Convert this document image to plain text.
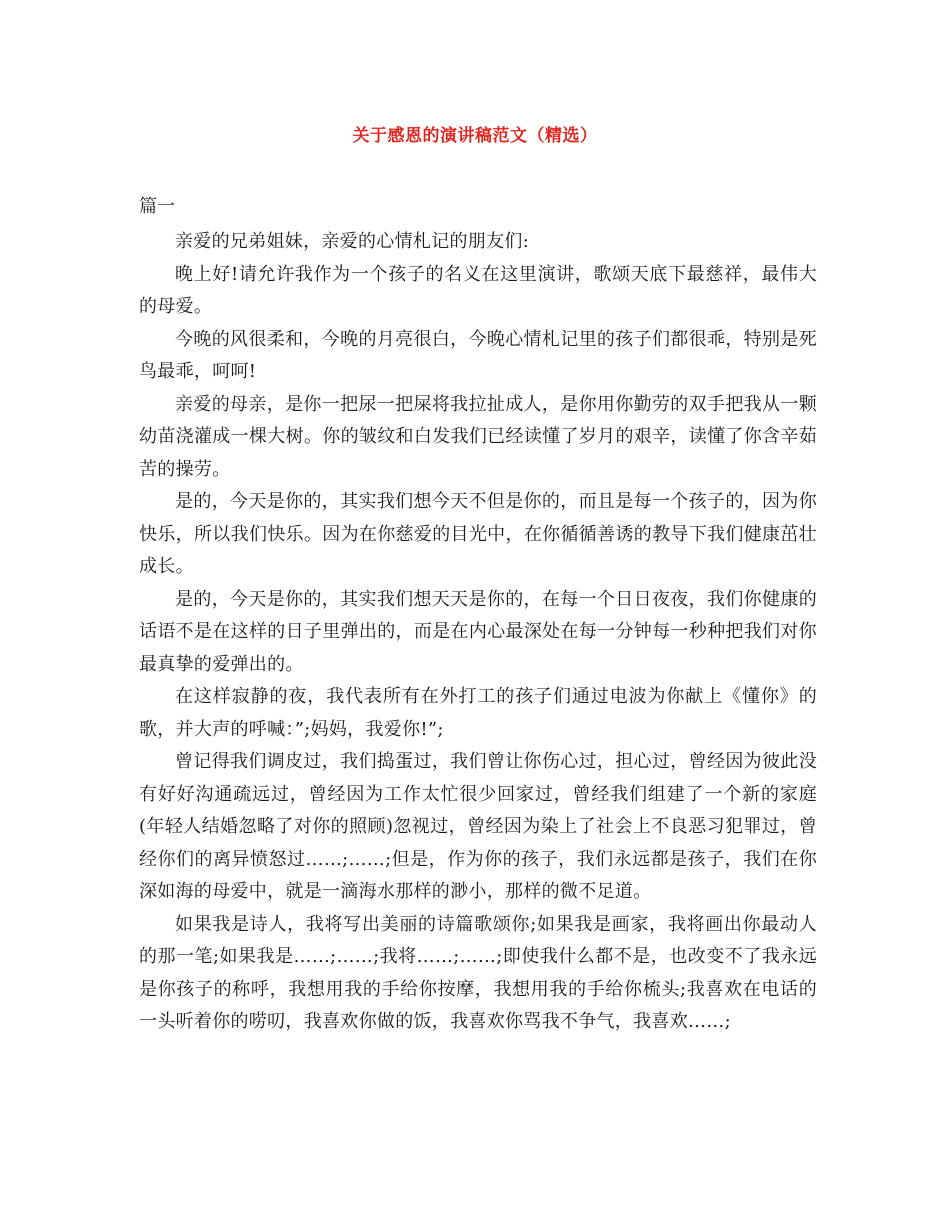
关于感恩的演讲稿范文（精选）
篇一

亲爱的兄弟姐妹，亲爱的心情札记的朋友们:

晚上好!请允许我作为一个孩子的名义在这里演讲，歌颂天底下最慈祥，最伟大的母爱。

今晚的风很柔和，今晚的月亮很白，今晚心情札记里的孩子们都很乖，特别是死鸟最乖，呵呵!

亲爱的母亲，是你一把尿一把屎将我拉扯成人，是你用你勤劳的双手把我从一颗幼苗浇灌成一棵大树。你的皱纹和白发我们已经读懂了岁月的艰辛，读懂了你含辛茹苦的操劳。

是的，今天是你的，其实我们想今天不但是你的，而且是每一个孩子的，因为你快乐，所以我们快乐。因为在你慈爱的目光中，在你循循善诱的教导下我们健康茁壮成长。

是的，今天是你的，其实我们想天天是你的，在每一个日日夜夜，我们你健康的话语不是在这样的日子里弹出的，而是在内心最深处在每一分钟每一秒种把我们对你最真挚的爱弹出的。

在这样寂静的夜，我代表所有在外打工的孩子们通过电波为你献上《懂你》的歌，并大声的呼喊：”;妈妈，我爱你!”;

曾记得我们调皮过，我们捣蛋过，我们曾让你伤心过，担心过，曾经因为彼此没有好好沟通疏远过，曾经因为工作太忙很少回家过，曾经我们组建了一个新的家庭(年轻人结婚忽略了对你的照顾)忽视过，曾经因为染上了社会上不良恶习犯罪过，曾经你们的离异愤怒过……;……;但是，作为你的孩子，我们永远都是孩子，我们在你深如海的母爱中，就是一滴海水那样的渺小，那样的微不足道。

如果我是诗人，我将写出美丽的诗篇歌颂你;如果我是画家，我将画出你最动人的那一笔;如果我是……;……;我将……;……;即使我什么都不是，也改变不了我永远是你孩子的称呼，我想用我的手给你按摩，我想用我的手给你梳头;我喜欢在电话的一头听着你的唠叨，我喜欢你做的饭，我喜欢你骂我不争气，我喜欢……;
